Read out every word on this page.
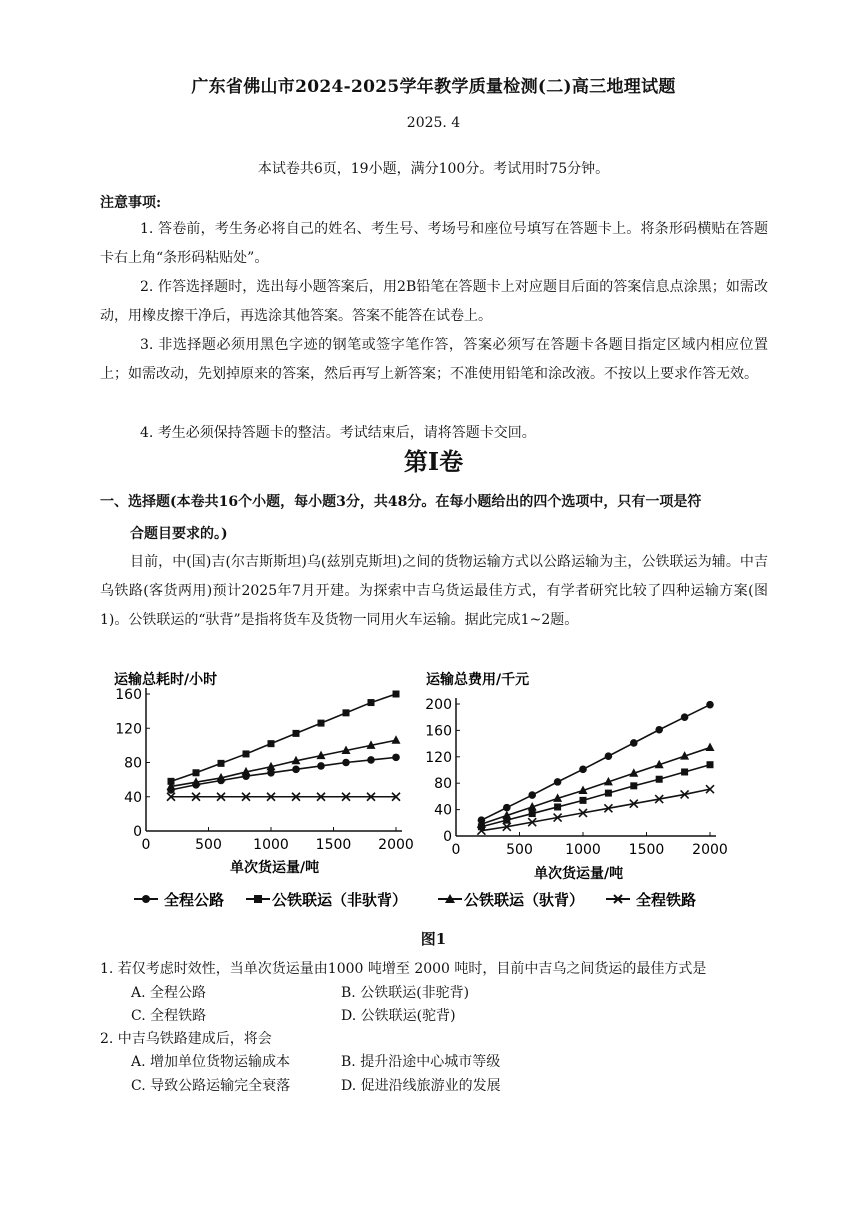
广东省佛山市2024-2025学年教学质量检测(二)高三地理试题
2025. 4
本试卷共6页，19小题，满分100分。考试用时75分钟。
注意事项:
1. 答卷前，考生务必将自己的姓名、考生号、考场号和座位号填写在答题卡上。将条形码横贴在答题卡右上角“条形码粘贴处”。
2. 作答选择题时，选出每小题答案后，用2B铅笔在答题卡上对应题目后面的答案信息点涂黑；如需改动，用橡皮擦干净后，再选涂其他答案。答案不能答在试卷上。
3. 非选择题必须用黑色字迹的钢笔或签字笔作答，答案必须写在答题卡各题目指定区域内相应位置上；如需改动，先划掉原来的答案，然后再写上新答案；不准使用铅笔和涂改液。不按以上要求作答无效。
4. 考生必须保持答题卡的整洁。考试结束后，请将答题卡交回。
第Ⅰ卷
一、选择题(本卷共16个小题，每小题3分，共48分。在每小题给出的四个选项中，只有一项是符
合题目要求的。)
目前，中(国)吉(尔吉斯斯坦)乌(兹别克斯坦)之间的货物运输方式以公路运输为主，公铁联运为辅。中吉乌铁路(客货两用)预计2025年7月开建。为探索中吉乌货运最佳方式，有学者研究比较了四种运输方案(图1)。公铁联运的“驮背”是指将货车及货物一同用火车运输。据此完成1~2题。
运输总耗时/小时
单次货运量/吨
0
40
80
120
160
0	500 1000 1500 2000
运输总费用/千元
单次货运量/吨
0
40
80
120
160
200
0	500 1000 1500 2000
全程公路	公铁联运（非驮背）	公铁联运（驮背）	全程铁路
图1
1. 若仅考虑时效性，当单次货运量由1000 吨增至 2000 吨时，目前中吉乌之间货运的最佳方式是
A. 全程公路	B. 公铁联运(非驼背)
C. 全程铁路	D. 公铁联运(驼背)
2. 中吉乌铁路建成后，将会
A. 增加单位货物运输成本	B. 提升沿途中心城市等级
C. 导致公路运输完全衰落	D. 促进沿线旅游业的发展
